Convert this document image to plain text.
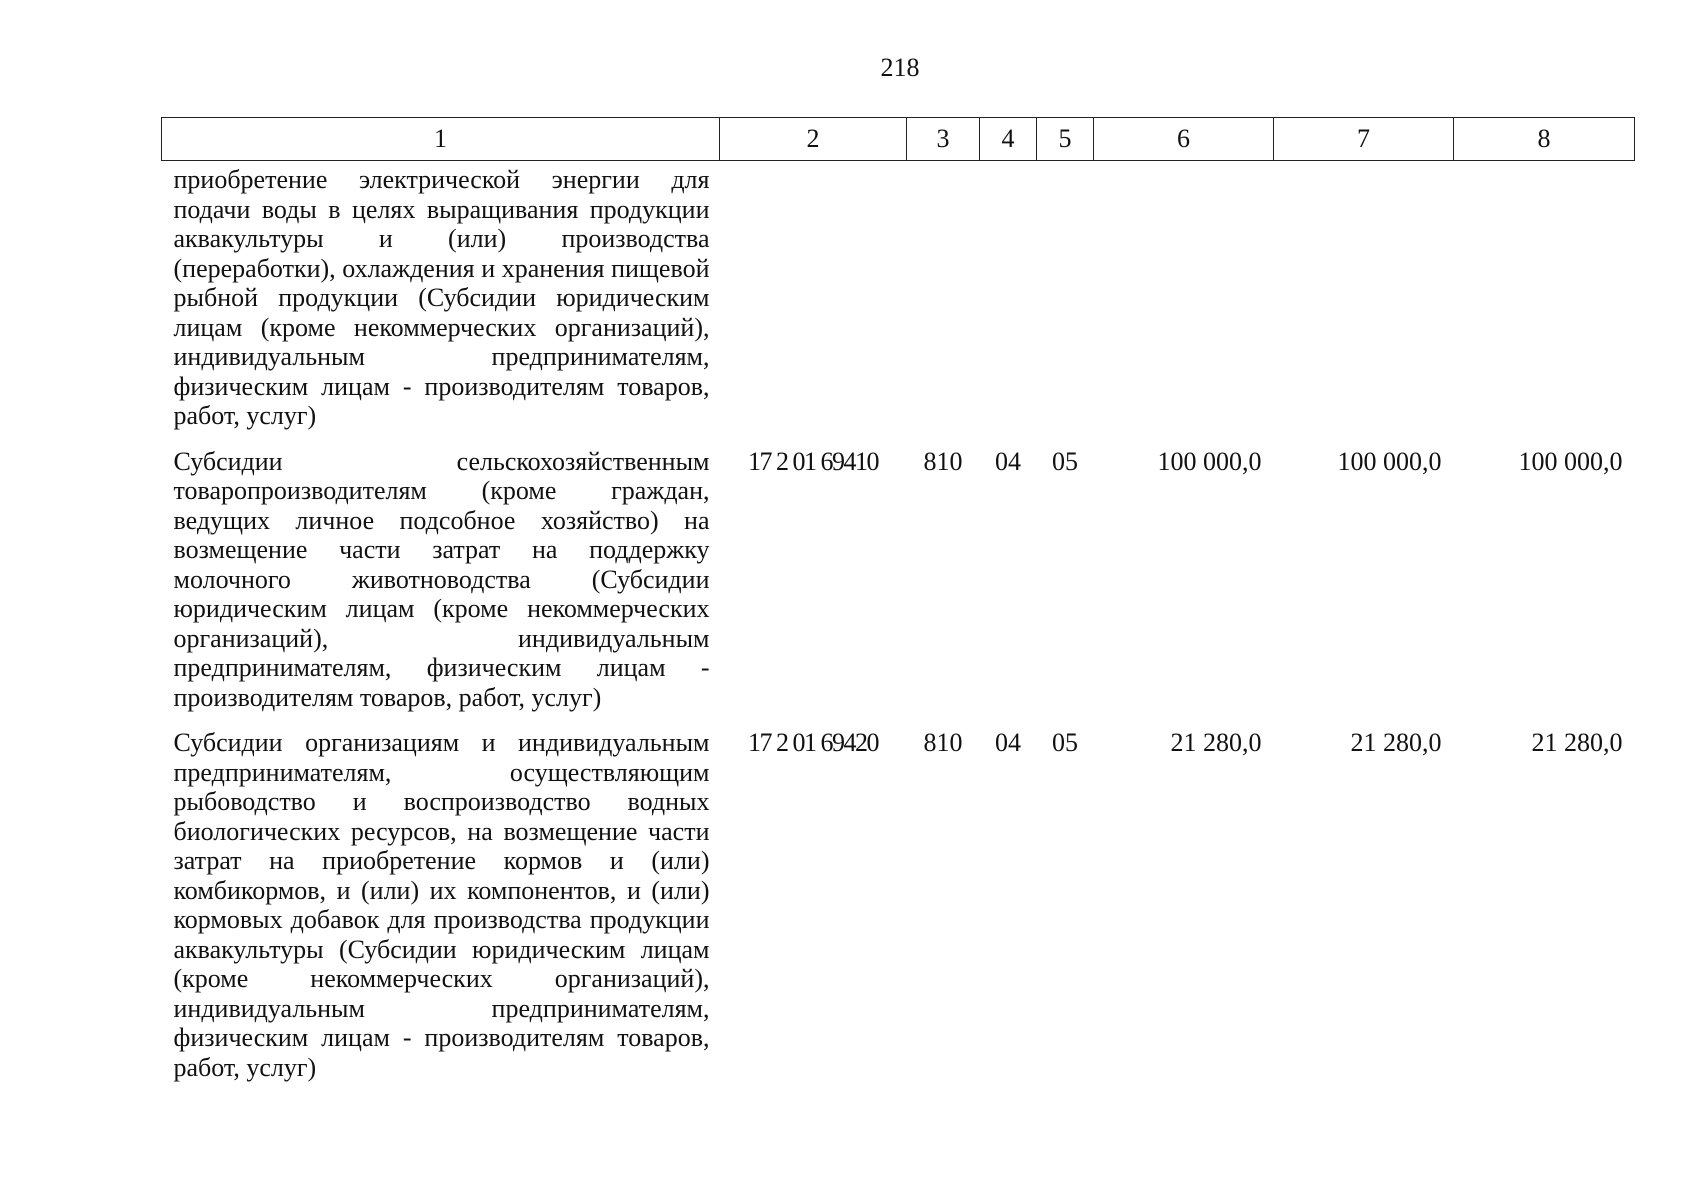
218
1	2	3	4	5	6	7	8
приобретение электрической энергии для подачи воды в целях выращивания продукции аквакультуры и (или) производства (переработки), охлаждения и хранения пищевой рыбной продукции (Субсидии юридическим лицам (кроме некоммерческих организаций), индивидуальным предпринимателям, физическим лицам - производителям товаров, работ, услуг)							
Субсидии сельскохозяйственным товаропроизводителям (кроме граждан, ведущих личное подсобное хозяйство) на возмещение части затрат на поддержку молочного животноводства (Субсидии юридическим лицам (кроме некоммерческих организаций), индивидуальным предпринимателям, физическим лицам - производителям товаров, работ, услуг)	17 2 01 69410	810	04	05	100 000,0	100 000,0	100 000,0
Субсидии организациям и индивидуальным предпринимателям, осуществляющим рыбоводство и воспроизводство водных биологических ресурсов, на возмещение части затрат на приобретение кормов и (или) комбикормов, и (или) их компонентов, и (или) кормовых добавок для производства продукции аквакультуры (Субсидии юридическим лицам (кроме некоммерческих организаций), индивидуальным предпринимателям, физическим лицам - производителям товаров, работ, услуг)	17 2 01 69420	810	04	05	21 280,0	21 280,0	21 280,0
